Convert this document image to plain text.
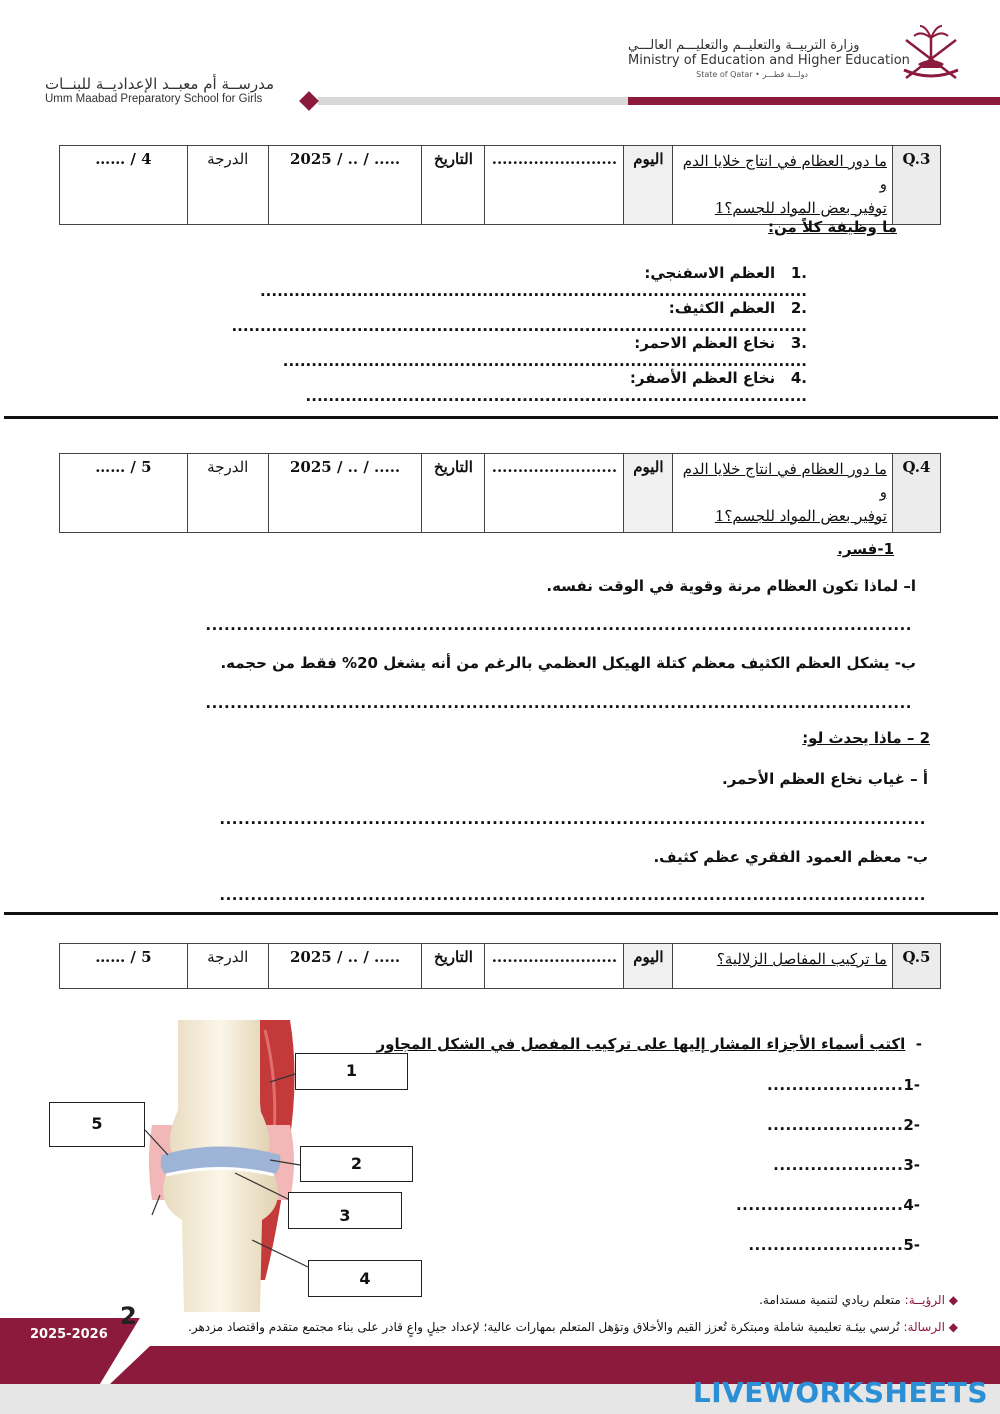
وزارة التربيــة والتعليــم والتعليـــم العالـــي
Ministry of Education and Higher Education
State of Qatar • دولـــة قطـــر
مدرســة أم معبــد الإعداديــة للبنــات
Umm Maabad Preparatory School for Girls
…… / 4	الدرجة	2025 / .. / .....	التاريخ	........................	اليوم	ما دور العظام في انتاج خلايا الدم و
توفير بعض المواد للجسم؟1	Q.3
ما وظيفة كلاً من:
.1   العظم الاسفنجي: ................................................................................................
.2   العظم الكثيف: .....................................................................................................
.3   نخاع العظم الاحمر: ............................................................................................
.4   نخاع العظم الأصفر: ........................................................................................
…… / 5	الدرجة	2025 / .. / .....	التاريخ	........................	اليوم	ما دور العظام في انتاج خلايا الدم و
توفير بعض المواد للجسم؟1	Q.4
1-فسر.
ا– لماذا تكون العظام مرنة وقوية في الوقت نفسه.
..................................................................................................................
ب- يشكل العظم الكثيف معظم كتلة الهيكل العظمي بالرغم من أنه يشغل 20% فقط من حجمه.
..................................................................................................................
2 – ماذا يحدث لو:
أ – غياب نخاع العظم الأحمر.
..................................................................................................................
ب- معظم العمود الفقري عظم كثيف.
..................................................................................................................
…… / 5	الدرجة	2025 / .. / .....	التاريخ	........................	اليوم	ما تركيب المفاصل الزلالية؟	Q.5
-  اكتب أسماء الأجزاء المشار إليها على تركيب المفصل في الشكل المجاور
-1......................
-2......................
-3.....................
-4...........................
-5.........................
1
2
3
4
5
◆ الرؤيــة: متعلم ريادي لتنمية مستدامة.
◆ الرسالة: نُرسي بيئـة تعليمية شاملة ومبتكرة تُعزز القيم والأخلاق وتؤهل المتعلم بمهارات عالية؛ لإعداد جيلٍ واعٍ قادر على بناء مجتمع متقدم واقتصاد مزدهر.
2025-2026
2
LIVEWORKSHEETS
